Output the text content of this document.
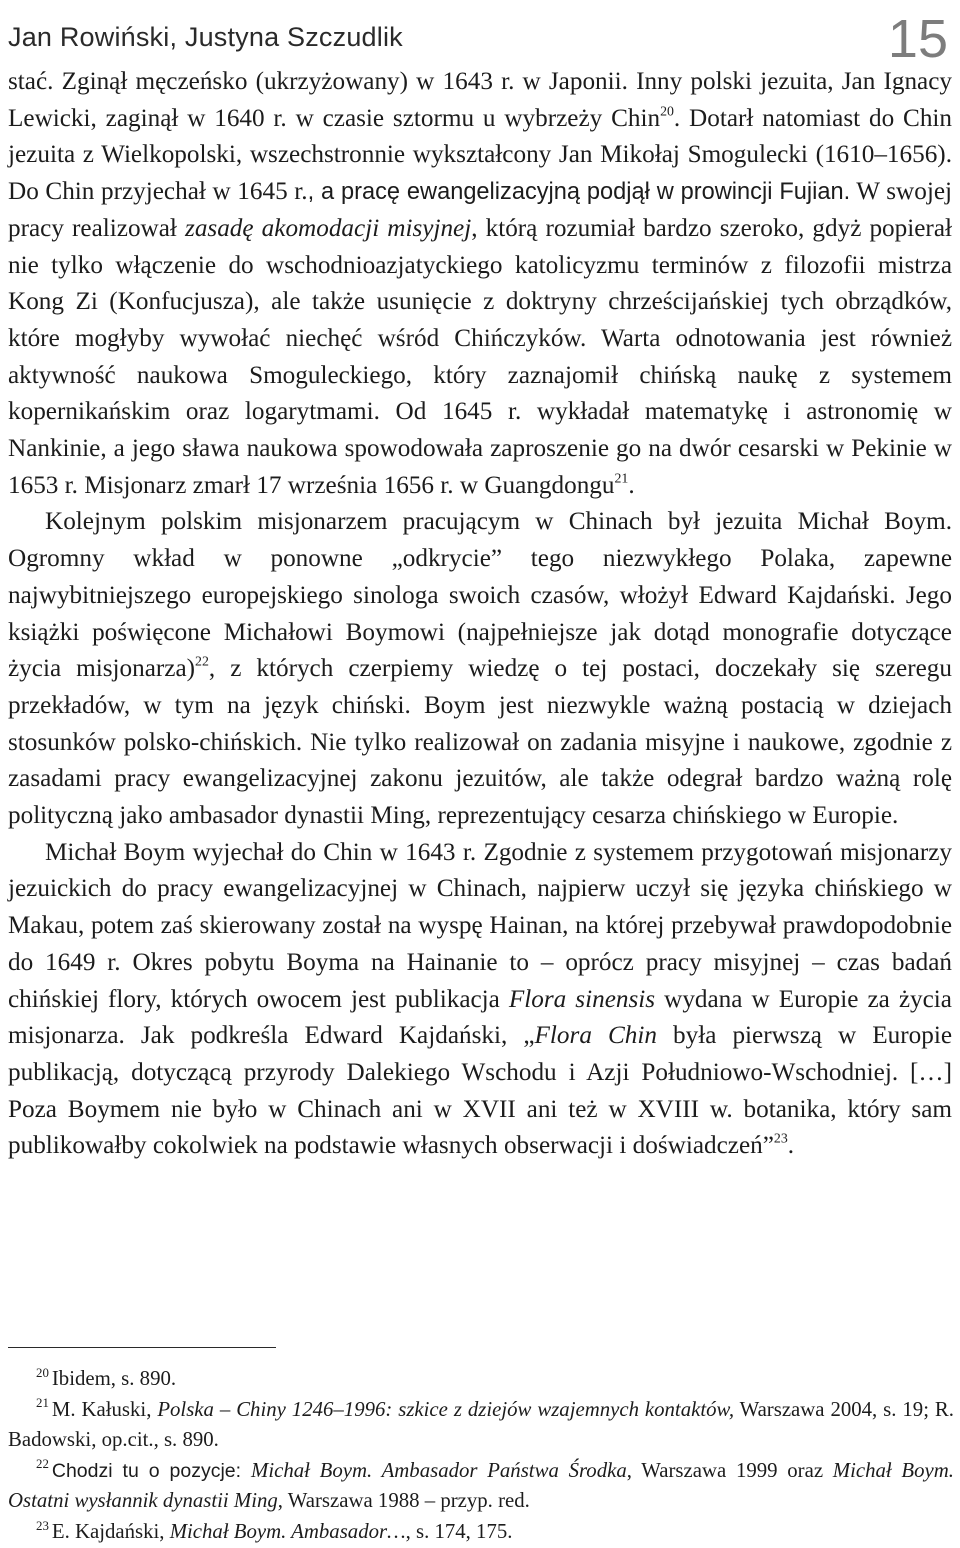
Jan Rowiński, Justyna Szczudlik	15

stać. Zginął męczeńsko (ukrzyżowany) w 1643 r. w Japonii. Inny polski jezuita, Jan Ignacy Lewicki, zaginął w 1640 r. w czasie sztormu u wybrzeży Chin$^{20}$. Dotarł natomiast do Chin jezuita z Wielkopolski, wszechstronnie wykształcony Jan Mikołaj Smogulecki (1610–1656). Do Chin przyjechał w 1645 r., a pracę ewangelizacyjną podjął w prowincji Fujian. W swojej pracy realizował zasadę akomodacji misyjnej, którą rozumiał bardzo szeroko, gdyż popierał nie tylko włączenie do wschodnioazjatyckiego katolicyzmu terminów z filozofii mistrza Kong Zi (Konfucjusza), ale także usunięcie z doktryny chrześcijańskiej tych obrządków, które mogłyby wywołać niechęć wśród Chińczyków. Warta odnotowania jest również aktywność naukowa Smoguleckiego, który zaznajomił chińską naukę z systemem kopernikańskim oraz logarytmami. Od 1645 r. wykładał matematykę i astronomię w Nankinie, a jego sława naukowa spowodowała zaproszenie go na dwór cesarski w Pekinie w 1653 r. Misjonarz zmarł 17 września 1656 r. w Guangdongu$^{21}$.

Kolejnym polskim misjonarzem pracującym w Chinach był jezuita Michał Boym. Ogromny wkład w ponowne „odkrycie” tego niezwykłego Polaka, zapewne najwybitniejszego europejskiego sinologa swoich czasów, włożył Edward Kajdański. Jego książki poświęcone Michałowi Boymowi (najpełniejsze jak dotąd monografie dotyczące życia misjonarza)$^{22}$, z których czerpiemy wiedzę o tej postaci, doczekały się szeregu przekładów, w tym na język chiński. Boym jest niezwykle ważną postacią w dziejach stosunków polsko-chińskich. Nie tylko realizował on zadania misyjne i naukowe, zgodnie z zasadami pracy ewangelizacyjnej zakonu jezuitów, ale także odegrał bardzo ważną rolę polityczną jako ambasador dynastii Ming, reprezentujący cesarza chińskiego w Europie.

Michał Boym wyjechał do Chin w 1643 r. Zgodnie z systemem przygotowań misjonarzy jezuickich do pracy ewangelizacyjnej w Chinach, najpierw uczył się języka chińskiego w Makau, potem zaś skierowany został na wyspę Hainan, na której przebywał prawdopodobnie do 1649 r. Okres pobytu Boyma na Hainanie to – oprócz pracy misyjnej – czas badań chińskiej flory, których owocem jest publikacja Flora sinensis wydana w Europie za życia misjonarza. Jak podkreśla Edward Kajdański, „Flora Chin była pierwszą w Europie publikacją, dotyczącą przyrody Dalekiego Wschodu i Azji Południowo-Wschodniej. […] Poza Boymem nie było w Chinach ani w XVII ani też w XVIII w. botanika, który sam publikowałby cokolwiek na podstawie własnych obserwacji i doświadczeń”$^{23}$.

$^{20}$ Ibidem, s. 890.

$^{21}$ M. Kałuski, Polska – Chiny 1246–1996: szkice z dziejów wzajemnych kontaktów, Warszawa 2004, s. 19; R. Badowski, op.cit., s. 890.

$^{22}$ Chodzi tu o pozycje: Michał Boym. Ambasador Państwa Środka, Warszawa 1999 oraz Michał Boym. Ostatni wysłannik dynastii Ming, Warszawa 1988 – przyp. red.

$^{23}$ E. Kajdański, Michał Boym. Ambasador…, s. 174, 175.
